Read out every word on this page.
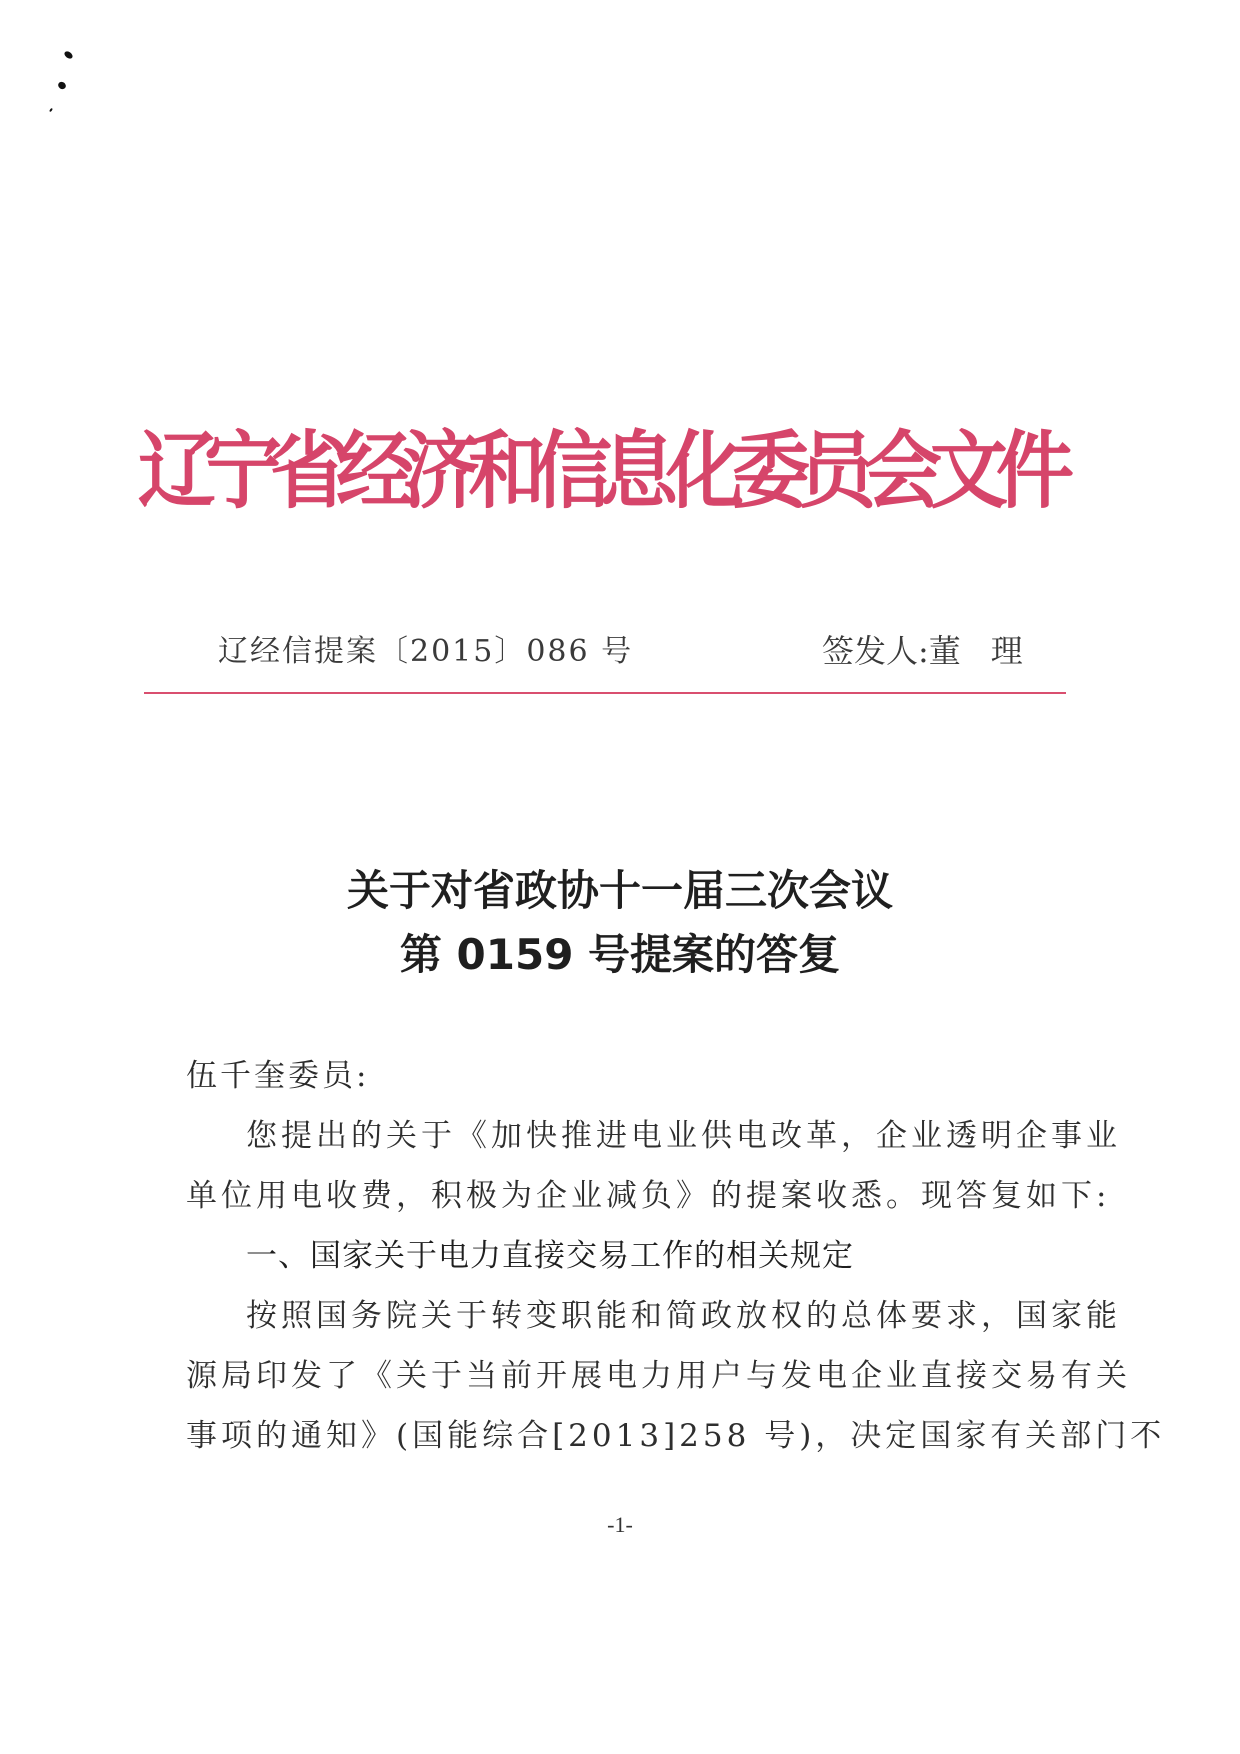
辽宁省经济和信息化委员会文件
辽经信提案〔2015〕086 号	签发人:董理
关于对省政协十一届三次会议
第 0159 号提案的答复
伍千奎委员:
您提出的关于《加快推进电业供电改革，企业透明企事业
单位用电收费，积极为企业减负》的提案收悉。现答复如下:
一、国家关于电力直接交易工作的相关规定
按照国务院关于转变职能和简政放权的总体要求，国家能
源局印发了《关于当前开展电力用户与发电企业直接交易有关
事项的通知》(国能综合[2013]258 号)，决定国家有关部门不
-1-
